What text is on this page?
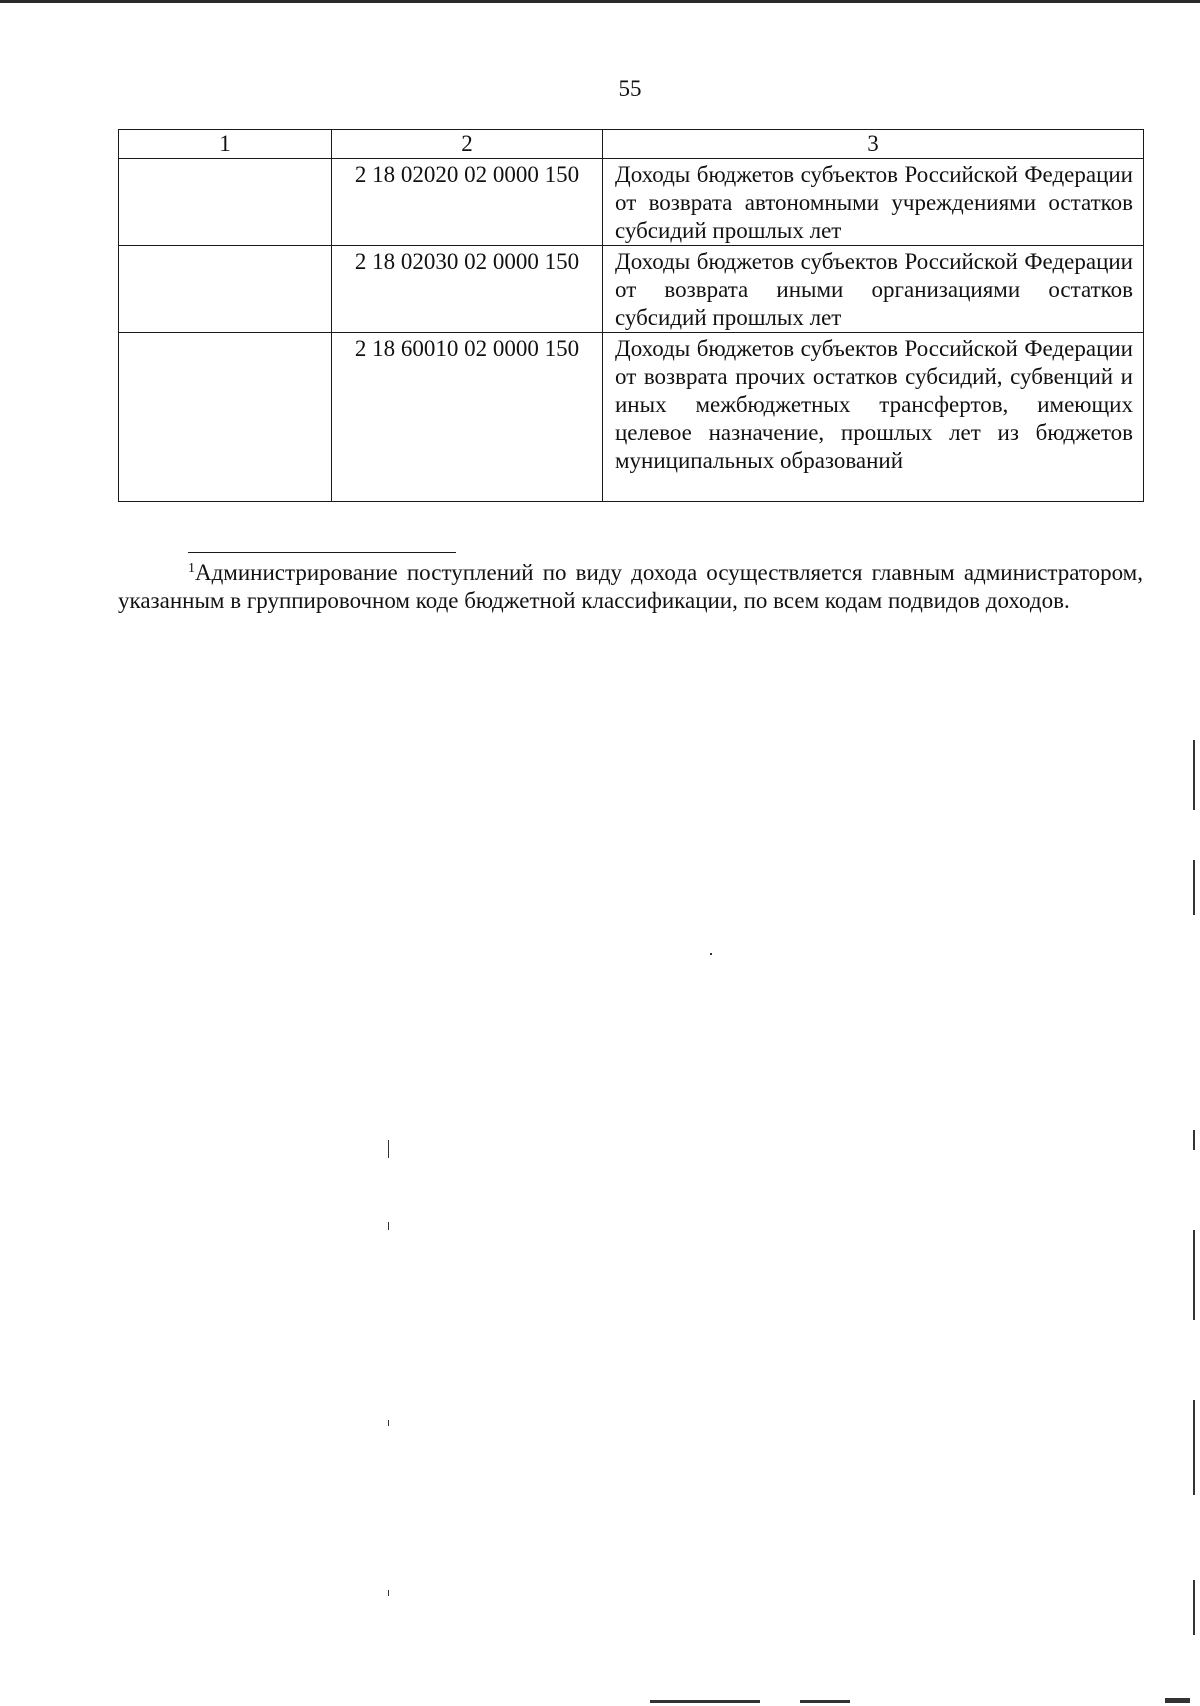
55
1	2	3
	2 18 02020 02 0000 150	Доходы бюджетов субъектов Российской Федерации от возврата автономными учреждениями остатков субсидий прошлых лет
	2 18 02030 02 0000 150	Доходы бюджетов субъектов Российской Федерации от возврата иными организациями остатков субсидий прошлых лет
	2 18 60010 02 0000 150	Доходы бюджетов субъектов Российской Федерации от возврата прочих остатков субсидий, субвенций и иных межбюджетных трансфертов, имеющих целевое назначение, прошлых лет из бюджетов муниципальных образований
$^1$Администрирование поступлений по виду дохода осуществляется главным администратором, указанным в группировочном коде бюджетной классификации, по всем кодам подвидов доходов.
